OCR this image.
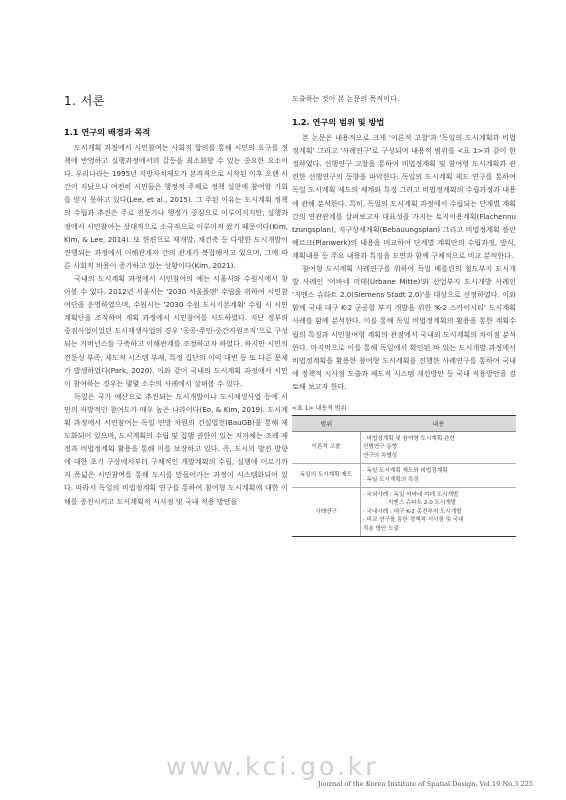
1. 서론
1.1 연구의 배경과 목적

도시계획 과정에서 시민참여는 사회적 합의를 통해 시민의 요구를 정책에 반영하고 실행과정에서의 갈등을 최소화할 수 있는 중요한 요소이다. 우리나라는 1995년 지방자치제도가 본격적으로 시작된 이후 오랜 시간이 지났으나 여전히 시민들은 행정적 주체로 정책 실현에 참여할 기회를 얻지 못하고 있다(Lee, et al., 2015). 그 주된 이유는 도시계획 정책의 수립과 추진은 주로 전문가나 행정가 중심으로 이루어지지만, 실행과정에서 시민참여는 상대적으로 소극적으로 이루어져 왔기 때문이다(Kim, Kim, & Lee, 2014). 또 한편으로 재개발, 재건축 등 다양한 도시개발이 진행되는 과정에서 이해관계자 간의 관계가 복잡해지고 있으며, 그에 따른 사회적 비용이 증가하고 있는 상황이다(Kim, 2021).

국내의 도시계획 과정에서 시민참여의 예는 서울시와 수원시에서 찾아볼 수 있다. 2012년 서울시는 '2030 서울플랜' 수립을 위하여 시민참여단을 운영하였으며, 수원시는 '2030 수원 도시기본계획' 수립 시 시민계획단을 조직하여 계획 과정에서 시민참여를 시도하였다. 지난 정부의 중점사업이었던 도시재생사업의 경우 '공공-주민-중간지원조직'으로 구성되는 거버넌스를 구축하고 이해관계를 조정하고자 하였다. 하지만 시민의 전문성 부족, 제도적 시스템 부재, 특정 집단의 이익 대변 등 또 다른 문제가 발생하였다(Park, 2020). 이와 같이 국내의 도시계획 과정에서 시민이 참여하는 경우는 몇몇 소수의 사례에서 살펴볼 수 있다.

독일은 국가 예산으로 추진되는 도시개발이나 도시재생사업 등에 시민의 자발적인 참여도가 매우 높은 나라이다(Eo, & Kim, 2019). 도시계획 과정에서 시민참여는 독일 연방 차원의 건설법전(BauGB)을 통해 제도화되어 있으며, 도시계획의 수립 및 집행 권한이 있는 지자체는 조례 제정과 비법정계획 활용을 통해 이를 보장하고 있다. 즉, 도시의 발전 방향에 대한 초기 구상에서부터 구체적인 개발계획의 수립, 실행에 이르기까지 폭넓은 시민참여를 통해 도시를 만들어가는 과정이 시스템화되어 있다. 따라서 독일의 비법정계획 연구를 통하여 참여형 도시계획에 대한 이해를 증진시키고 도시계획적 시사점 및 국내 적용 방안을

도출하는 것이 본 논문의 목적이다.

1.2. 연구의 범위 및 방법

본 논문은 내용적으로 크게 '이론적 고찰'과 '독일의 도시계획과 비법정계획' 그리고 '사례연구'로 구성되며 내용적 범위를 <표 1>과 같이 한정하였다. 선행연구 고찰을 통하여 비법정계획 및 참여형 도시계획과 관련한 선행연구의 동향을 파악한다. 독일의 도시계획 제도 연구를 통하여 독일 도시계획 제도의 체계와 특징 그리고 비법정계획의 수립과정과 내용에 관해 분석한다. 특히, 독일의 도시계획 과정에서 수립되는 단계별 계획 간의 연관관계를 살펴보고자 대표성을 가지는 토지이용계획(Flachennutzungsplan), 지구상세계획(Bebauungsplan) 그리고 비법정계획 플란베르크(Planwerk)의 내용을 비교하여 단계별 계획안의 수립과정, 방식, 계획내용 등 주요 내용과 특징을 도면과 함께 구체적으로 비교 분석한다.

참여형 도시계획 사례연구를 위하여 독일 베를린의 철도부지 도시개발 사례인 '어바네 미테(Urbane Mitte)'와 산업부지 도시개발 사례인 '지멘스 슈타트 2.0(Siemens Stadt 2.0)'을 대상으로 선정하였다. 이와 함께 국내 대구 K-2 군공항 부지 개발을 위한 'K-2 스카이시티' 도시계획 사례를 함께 분석한다. 이를 통해 독일 비법정계획의 활용을 통한 계획수립의 특징과 시민참여형 계획의 관점에서 국내외 도시계획의 차이점 분석한다. 마지막으로 이를 통해 독일에서 확인된 바 있는 도시개발 과정에서 비법정계획을 활용한 참여형 도시계획을 진행한 사례연구를 통하여 국내에 정책적 시사점 도출과 제도적 시스템 개선방안 등 국내 적용방안을 검토해 보고자 한다.

<표 1> 내용적 범위
범위	내용
이론적 고찰	· 비법정계획 및 참여형 도시계획 관련
선행연구 동향
연구의 차별성

독일의 도시계획 제도	· 독일 도시계획 제도와 비법정계획
· 독일 도시계획의 특징

사례연구	· 국외사례 : 독일 어바네 미테 도시개발
지멘스 슈타트 2.0 도시개발
· 국내사례 : 대구 K-2 종전부지 도시개발
· 비교 연구를 통한 정책적 시사점 및 국내
적용 방안 도출
www.kci.go.kr
Journal of the Korea Institute of Spatial Design, Vol.19 No.3 225
